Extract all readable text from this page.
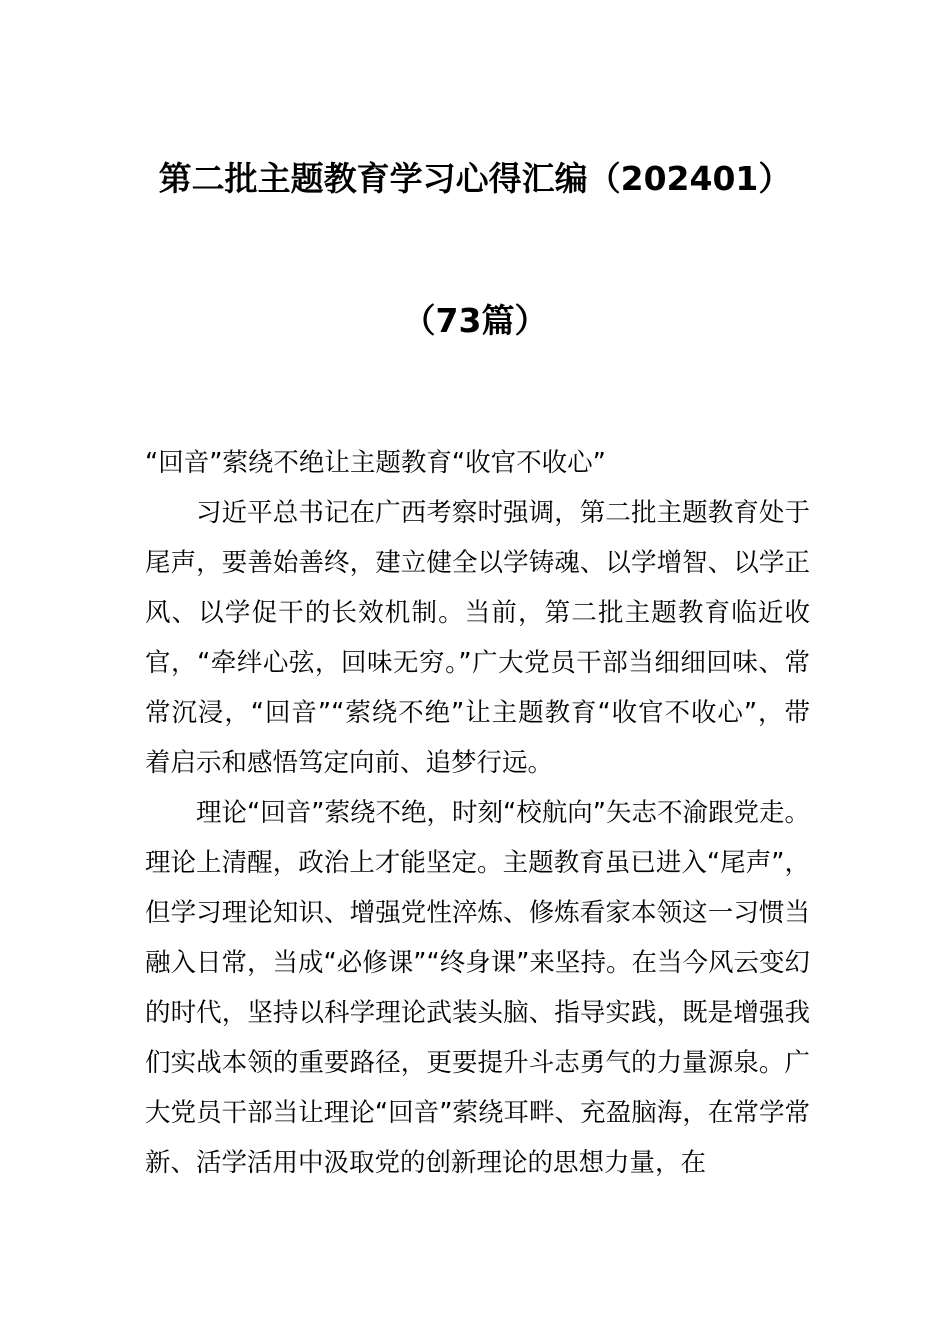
第二批主题教育学习心得汇编（202401）
（73篇）
“回音”萦绕不绝让主题教育“收官不收心”

习近平总书记在广西考察时强调，第二批主题教育处于尾声，要善始善终，建立健全以学铸魂、以学增智、以学正风、以学促干的长效机制。当前，第二批主题教育临近收官，“牵绊心弦，回味无穷。”广大党员干部当细细回味、常常沉浸，“回音”“萦绕不绝”让主题教育“收官不收心”，带着启示和感悟笃定向前、追梦行远。

理论“回音”萦绕不绝，时刻“校航向”矢志不渝跟党走。理论上清醒，政治上才能坚定。主题教育虽已进入“尾声”，但学习理论知识、增强党性淬炼、修炼看家本领这一习惯当融入日常，当成“必修课”“终身课”来坚持。在当今风云变幻的时代，坚持以科学理论武装头脑、指导实践，既是增强我们实战本领的重要路径，更要提升斗志勇气的力量源泉。广大党员干部当让理论“回音”萦绕耳畔、充盈脑海，在常学常新、活学活用中汲取党的创新理论的思想力量，在
